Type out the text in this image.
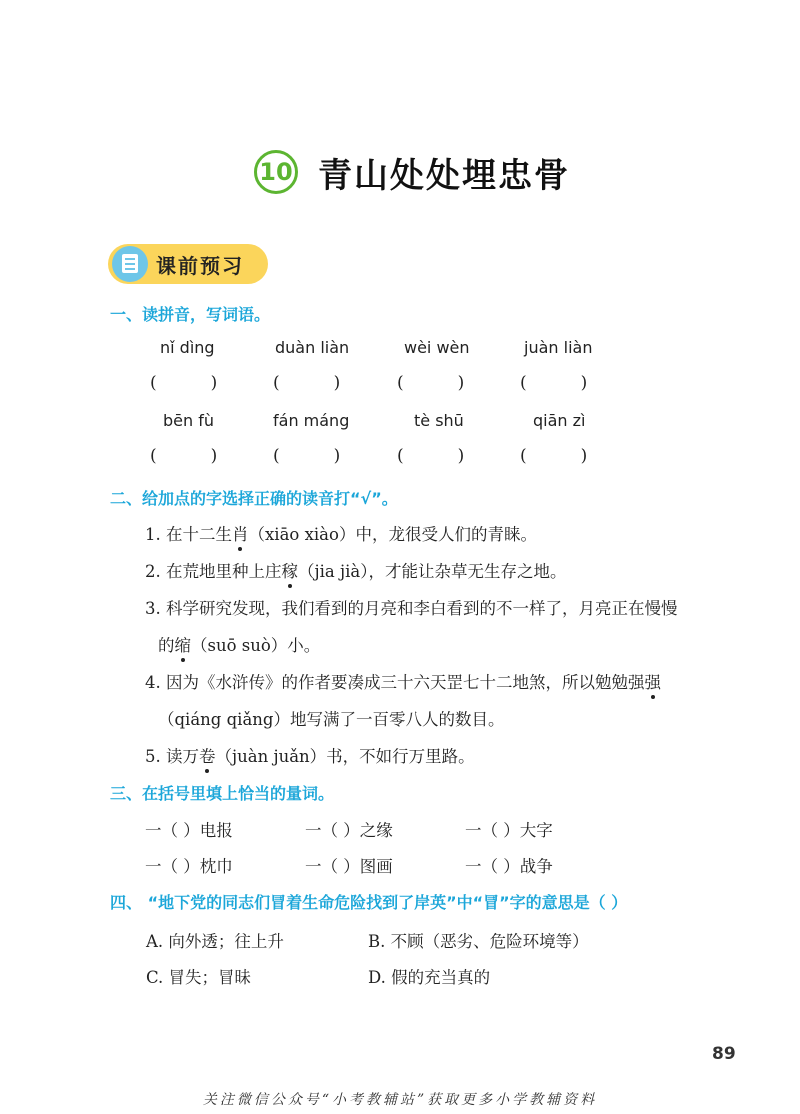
10 青山处处埋忠骨
课前预习
一、读拼音，写词语。
nǐ dìng	duàn liàn	wèi wèn	juàn liàn
(          )	(          )	(          )	(          )
bēn fù	fán máng	tè shū	qiān zì
(          )	(          )	(          )	(          )
二、给加点的字选择正确的读音打“√”。
1. 在十二生肖（xiāo xiào）中，龙很受人们的青睐。
2. 在荒地里种上庄稼（jia jià），才能让杂草无生存之地。
3. 科学研究发现，我们看到的月亮和李白看到的不一样了，月亮正在慢慢
的缩（suō suò）小。
4. 因为《水浒传》的作者要凑成三十六天罡七十二地煞，所以勉勉强强
（qiáng qiǎng）地写满了一百零八人的数目。
5. 读万卷（juàn juǎn）书，不如行万里路。
三、在括号里填上恰当的量词。
一（ ）电报	一（ ）之缘	一（ ）大字
一（ ）枕巾	一（ ）图画	一（ ）战争
四、 “地下党的同志们冒着生命危险找到了岸英”中“冒”字的意思是（ ）
A. 向外透；往上升	B. 不顾（恶劣、危险环境等）
C. 冒失；冒昧	D. 假的充当真的
89
关注微信公众号“小考教辅站”获取更多小学教辅资料
